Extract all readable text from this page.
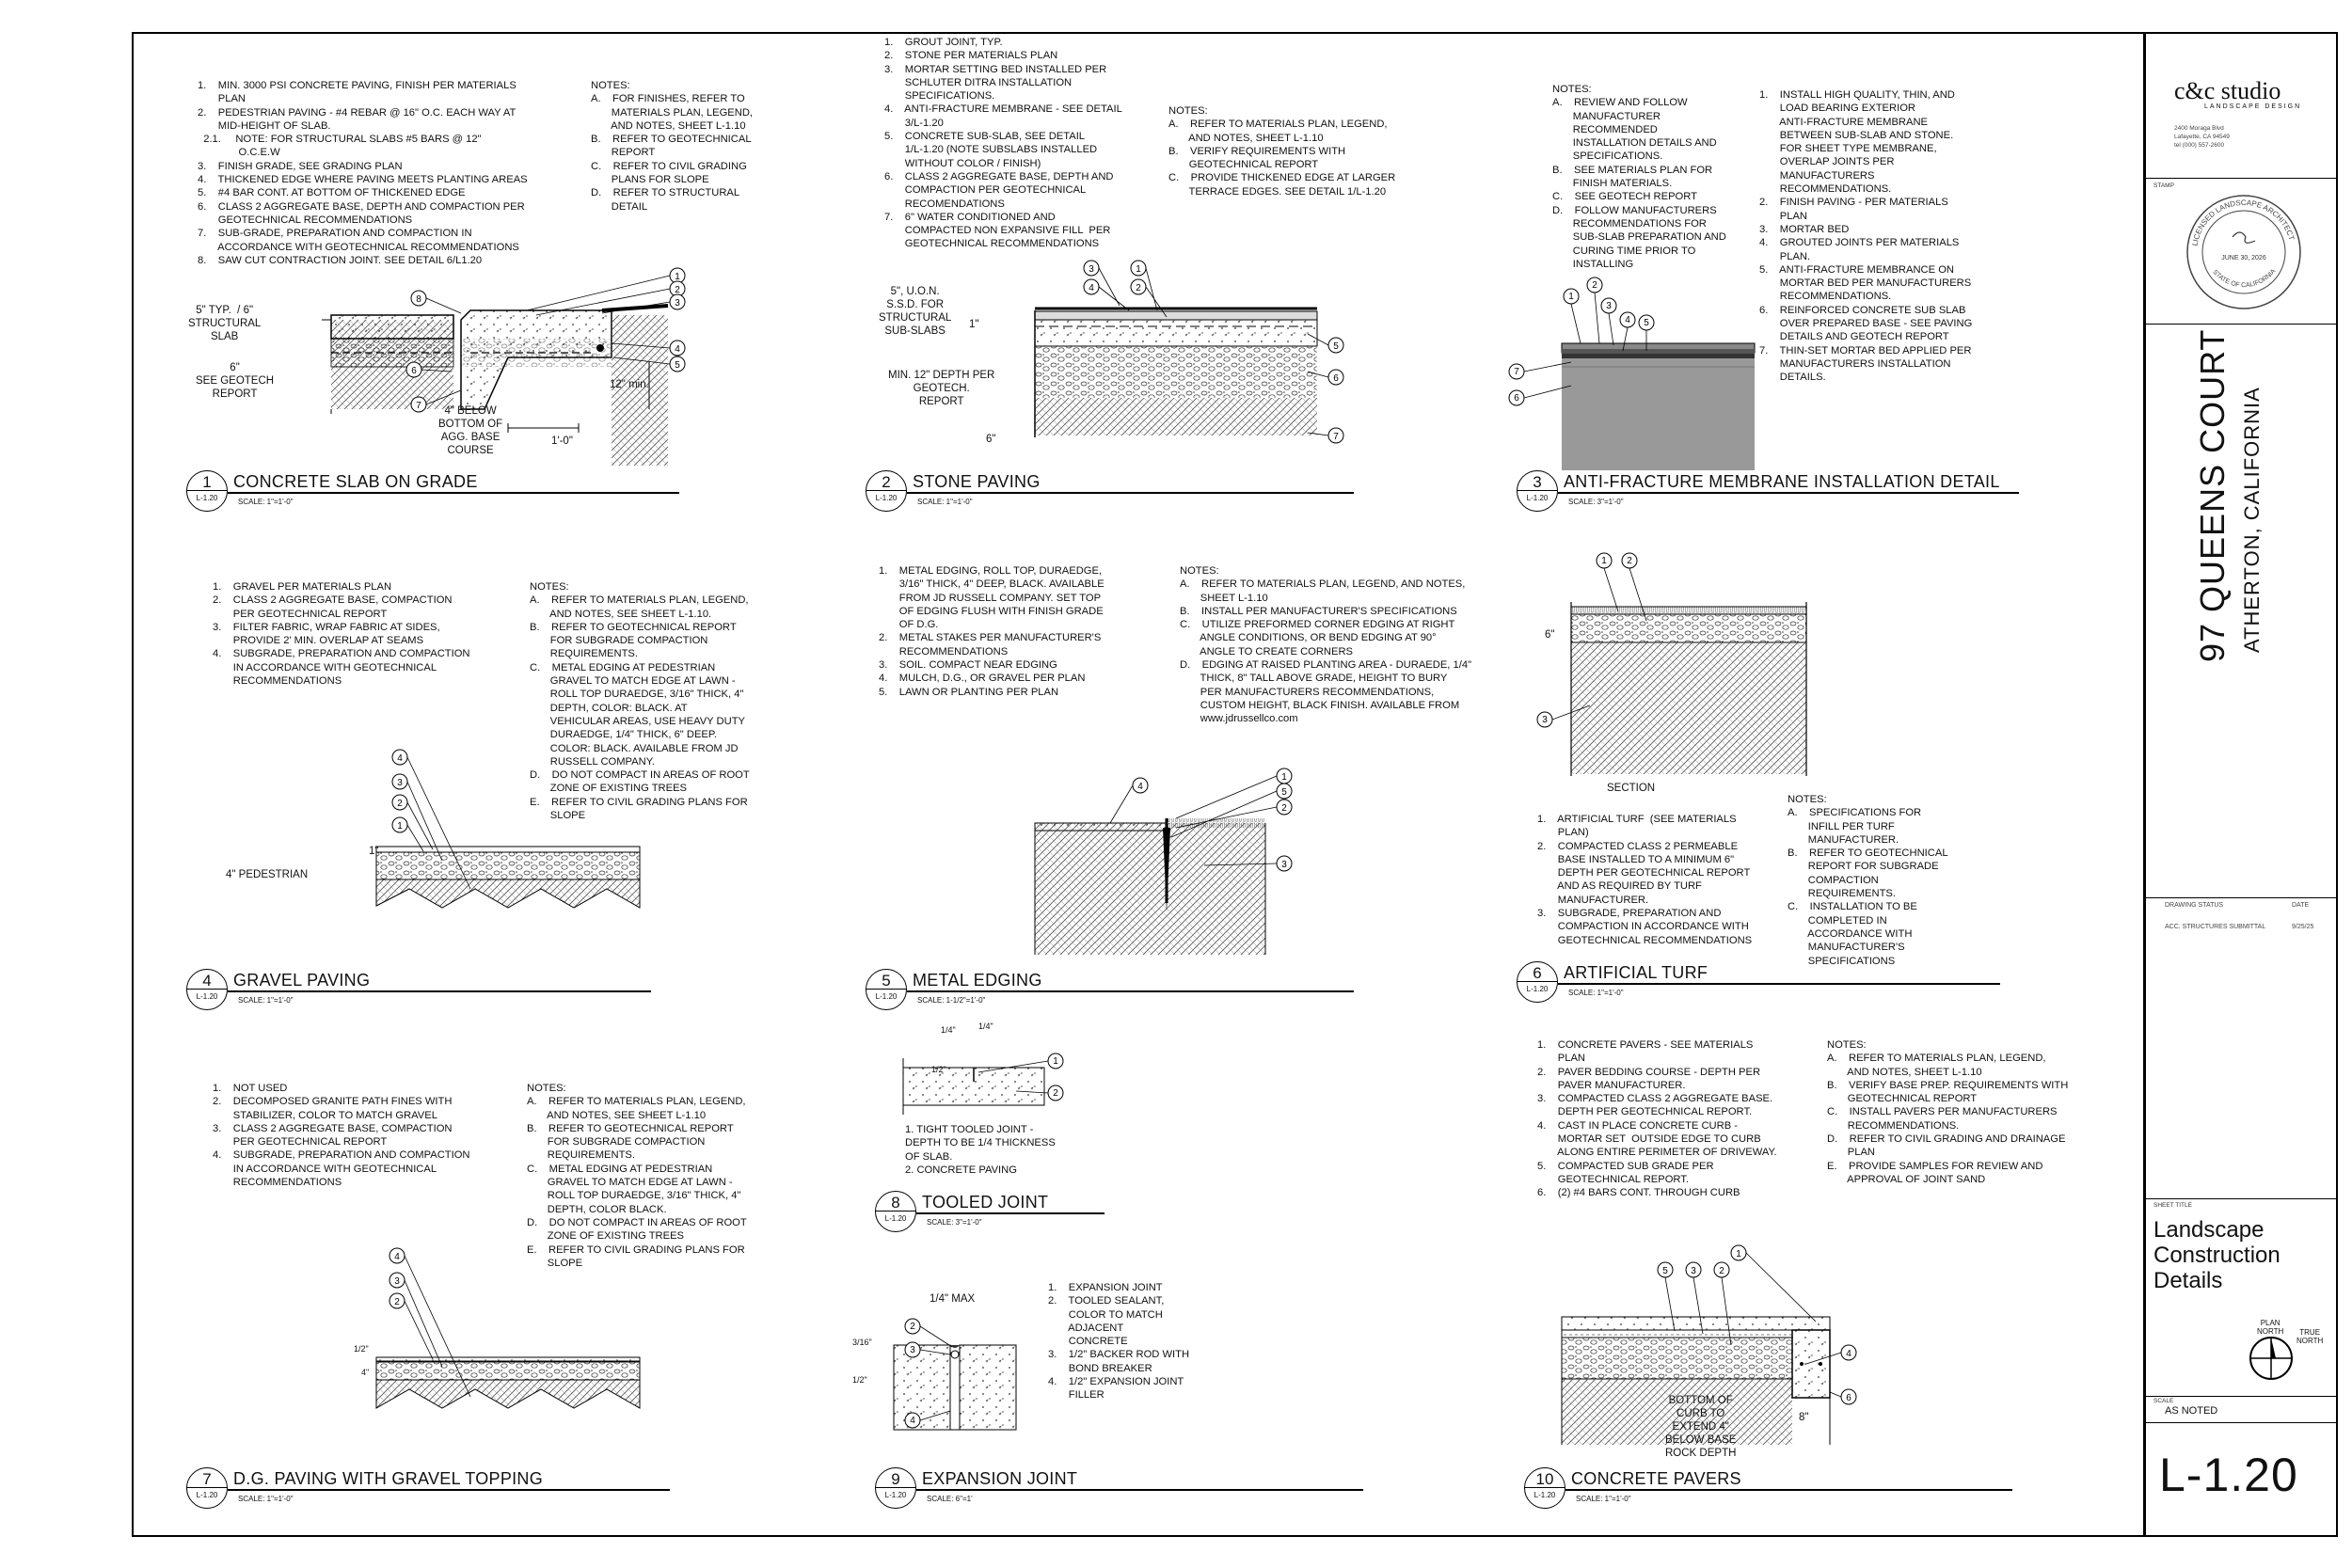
1.    MIN. 3000 PSI CONCRETE PAVING, FINISH PER MATERIALS
PLAN
2.    PEDESTRIAN PAVING - #4 REBAR @ 16" O.C. EACH WAY AT
MID-HEIGHT OF SLAB.
2.1.     NOTE: FOR STRUCTURAL SLABS #5 BARS @ 12"
O.C.E.W
3.    FINISH GRADE, SEE GRADING PLAN
4.    THICKENED EDGE WHERE PAVING MEETS PLANTING AREAS
5.    #4 BAR CONT. AT BOTTOM OF THICKENED EDGE
6.    CLASS 2 AGGREGATE BASE, DEPTH AND COMPACTION PER
GEOTECHNICAL RECOMMENDATIONS
7.    SUB-GRADE, PREPARATION AND COMPACTION IN
ACCORDANCE WITH GEOTECHNICAL RECOMMENDATIONS
8.    SAW CUT CONTRACTION JOINT. SEE DETAIL 6/L1.20
NOTES:
A.    FOR FINISHES, REFER TO
MATERIALS PLAN, LEGEND,
AND NOTES, SHEET L-1.10
B.    REFER TO GEOTECHNICAL
REPORT
C.    REFER TO CIVIL GRADING
PLANS FOR SLOPE
D.    REFER TO STRUCTURAL
DETAIL
1.    GROUT JOINT, TYP.
2.    STONE PER MATERIALS PLAN
3.    MORTAR SETTING BED INSTALLED PER
SCHLUTER DITRA INSTALLATION
SPECIFICATIONS.
4.    ANTI-FRACTURE MEMBRANE - SEE DETAIL
3/L-1.20
5.    CONCRETE SUB-SLAB, SEE DETAIL
1/L-1.20 (NOTE SUBSLABS INSTALLED
WITHOUT COLOR / FINISH)
6.    CLASS 2 AGGREGATE BASE, DEPTH AND
COMPACTION PER GEOTECHNICAL
RECOMENDATIONS
7.    6" WATER CONDITIONED AND
COMPACTED NON EXPANSIVE FILL  PER
GEOTECHNICAL RECOMMENDATIONS
NOTES:
A.    REFER TO MATERIALS PLAN, LEGEND,
AND NOTES, SHEET L-1.10
B.    VERIFY REQUIREMENTS WITH
GEOTECHNICAL REPORT
C.    PROVIDE THICKENED EDGE AT LARGER
TERRACE EDGES. SEE DETAIL 1/L-1.20
NOTES:
A.    REVIEW AND FOLLOW
MANUFACTURER
RECOMMENDED
INSTALLATION DETAILS AND
SPECIFICATIONS.
B.    SEE MATERIALS PLAN FOR
FINISH MATERIALS.
C.    SEE GEOTECH REPORT
D.    FOLLOW MANUFACTURERS
RECOMMENDATIONS FOR
SUB-SLAB PREPARATION AND
CURING TIME PRIOR TO
INSTALLING
1.    INSTALL HIGH QUALITY, THIN, AND
LOAD BEARING EXTERIOR
ANTI-FRACTURE MEMBRANE
BETWEEN SUB-SLAB AND STONE.
FOR SHEET TYPE MEMBRANE,
OVERLAP JOINTS PER
MANUFACTURERS
RECOMMENDATIONS.
2.    FINISH PAVING - PER MATERIALS
PLAN
3.    MORTAR BED
4.    GROUTED JOINTS PER MATERIALS
PLAN.
5.    ANTI-FRACTURE MEMBRANCE ON
MORTAR BED PER MANUFACTURERS
RECOMMENDATIONS.
6.    REINFORCED CONCRETE SUB SLAB
OVER PREPARED BASE - SEE PAVING
DETAILS AND GEOTECH REPORT
7.    THIN-SET MORTAR BED APPLIED PER
MANUFACTURERS INSTALLATION
DETAILS.
1.    GRAVEL PER MATERIALS PLAN
2.    CLASS 2 AGGREGATE BASE, COMPACTION
PER GEOTECHNICAL REPORT
3.    FILTER FABRIC, WRAP FABRIC AT SIDES,
PROVIDE 2' MIN. OVERLAP AT SEAMS
4.    SUBGRADE, PREPARATION AND COMPACTION
IN ACCORDANCE WITH GEOTECHNICAL
RECOMMENDATIONS
NOTES:
A.    REFER TO MATERIALS PLAN, LEGEND,
AND NOTES, SEE SHEET L-1.10.
B.    REFER TO GEOTECHNICAL REPORT
FOR SUBGRADE COMPACTION
REQUIREMENTS.
C.    METAL EDGING AT PEDESTRIAN
GRAVEL TO MATCH EDGE AT LAWN -
ROLL TOP DURAEDGE, 3/16" THICK, 4"
DEPTH, COLOR: BLACK. AT
VEHICULAR AREAS, USE HEAVY DUTY
DURAEDGE, 1/4" THICK, 6" DEEP.
COLOR: BLACK. AVAILABLE FROM JD
RUSSELL COMPANY.
D.    DO NOT COMPACT IN AREAS OF ROOT
ZONE OF EXISTING TREES
E.    REFER TO CIVIL GRADING PLANS FOR
SLOPE
1.    METAL EDGING, ROLL TOP, DURAEDGE,
3/16" THICK, 4" DEEP, BLACK. AVAILABLE
FROM JD RUSSELL COMPANY. SET TOP
OF EDGING FLUSH WITH FINISH GRADE
OF D.G.
2.    METAL STAKES PER MANUFACTURER'S
RECOMMENDATIONS
3.    SOIL. COMPACT NEAR EDGING
4.    MULCH, D.G., OR GRAVEL PER PLAN
5.    LAWN OR PLANTING PER PLAN
NOTES:
A.    REFER TO MATERIALS PLAN, LEGEND, AND NOTES,
SHEET L-1.10
B.    INSTALL PER MANUFACTURER'S SPECIFICATIONS
C.    UTILIZE PREFORMED CORNER EDGING AT RIGHT
ANGLE CONDITIONS, OR BEND EDGING AT 90°
ANGLE TO CREATE CORNERS
D.    EDGING AT RAISED PLANTING AREA - DURAEDE, 1/4"
THICK, 8" TALL ABOVE GRADE, HEIGHT TO BURY
PER MANUFACTURERS RECOMMENDATIONS,
CUSTOM HEIGHT, BLACK FINISH. AVAILABLE FROM
www.jdrussellco.com
1.    ARTIFICIAL TURF  (SEE MATERIALS
PLAN)
2.    COMPACTED CLASS 2 PERMEABLE
BASE INSTALLED TO A MINIMUM 6"
DEPTH PER GEOTECHNICAL REPORT
AND AS REQUIRED BY TURF
MANUFACTURER.
3.    SUBGRADE, PREPARATION AND
COMPACTION IN ACCORDANCE WITH
GEOTECHNICAL RECOMMENDATIONS
NOTES:
A.    SPECIFICATIONS FOR
INFILL PER TURF
MANUFACTURER.
B.    REFER TO GEOTECHNICAL
REPORT FOR SUBGRADE
COMPACTION
REQUIREMENTS.
C.    INSTALLATION TO BE
COMPLETED IN
ACCORDANCE WITH
MANUFACTURER'S
SPECIFICATIONS
1.    NOT USED
2.    DECOMPOSED GRANITE PATH FINES WITH
STABILIZER, COLOR TO MATCH GRAVEL
3.    CLASS 2 AGGREGATE BASE, COMPACTION
PER GEOTECHNICAL REPORT
4.    SUBGRADE, PREPARATION AND COMPACTION
IN ACCORDANCE WITH GEOTECHNICAL
RECOMMENDATIONS
NOTES:
A.    REFER TO MATERIALS PLAN, LEGEND,
AND NOTES, SEE SHEET L-1.10
B.    REFER TO GEOTECHNICAL REPORT
FOR SUBGRADE COMPACTION
REQUIREMENTS.
C.    METAL EDGING AT PEDESTRIAN
GRAVEL TO MATCH EDGE AT LAWN -
ROLL TOP DURAEDGE, 3/16" THICK, 4"
DEPTH, COLOR BLACK.
D.    DO NOT COMPACT IN AREAS OF ROOT
ZONE OF EXISTING TREES
E.    REFER TO CIVIL GRADING PLANS FOR
SLOPE
1. TIGHT TOOLED JOINT -
DEPTH TO BE 1/4 THICKNESS
OF SLAB.
2. CONCRETE PAVING
1.    EXPANSION JOINT
2.    TOOLED SEALANT,
COLOR TO MATCH
ADJACENT
CONCRETE
3.    1/2" BACKER ROD WITH
BOND BREAKER
4.    1/2" EXPANSION JOINT
FILLER
1.    CONCRETE PAVERS - SEE MATERIALS
PLAN
2.    PAVER BEDDING COURSE - DEPTH PER
PAVER MANUFACTURER.
3.    COMPACTED CLASS 2 AGGREGATE BASE.
DEPTH PER GEOTECHNICAL REPORT.
4.    CAST IN PLACE CONCRETE CURB -
MORTAR SET  OUTSIDE EDGE TO CURB
ALONG ENTIRE PERIMETER OF DRIVEWAY.
5.    COMPACTED SUB GRADE PER
GEOTECHNICAL REPORT.
6.    (2) #4 BARS CONT. THROUGH CURB
NOTES:
A.    REFER TO MATERIALS PLAN, LEGEND,
AND NOTES, SHEET L-1.10
B.    VERIFY BASE PREP. REQUIREMENTS WITH
GEOTECHNICAL REPORT
C.    INSTALL PAVERS PER MANUFACTURERS
RECOMMENDATIONS.
D.    REFER TO CIVIL GRADING AND DRAINAGE
PLAN
E.    PROVIDE SAMPLES FOR REVIEW AND
APPROVAL OF JOINT SAND
5" TYP.  / 6"
STRUCTURAL
SLAB
6"
SEE GEOTECH
REPORT
4" BELOW
BOTTOM OF
AGG. BASE
COURSE
12" min.
1'-0"
8
1
2
3
4
5
6
7
5", U.O.N.
S.S.D. FOR
STRUCTURAL
SUB-SLABS
1"
MIN. 12" DEPTH PER
GEOTECH.
REPORT
6"
3
4
1
2
5
6
7
1
2
3
4 5
7
6
4" PEDESTRIAN
1"
4
3
2
1
4
1
5
2
3
6"
SECTION
1 2
3
1/2"
4"
4
3
2
1/4"	1/4"
1/2"
1
2
1/4" MAX
3/16"
1/2"
2
3
4
BOTTOM OF
CURB TO
EXTEND 4"
BELOW BASE
ROCK DEPTH
8"
5 3 2
1
4
6
1
L-1.20
CONCRETE SLAB ON GRADE
SCALE: 1"=1'-0"
2
L-1.20
STONE PAVING
SCALE: 1"=1'-0"
3
L-1.20
ANTI-FRACTURE MEMBRANE INSTALLATION DETAIL
SCALE: 3"=1'-0"
4
L-1.20
GRAVEL PAVING
SCALE: 1"=1'-0"
5
L-1.20
METAL EDGING
SCALE: 1-1/2"=1'-0"
6
L-1.20
ARTIFICIAL TURF
SCALE: 1"=1'-0"
7
L-1.20
D.G. PAVING WITH GRAVEL TOPPING
SCALE: 1"=1'-0"
8
L-1.20
TOOLED JOINT
SCALE: 3"=1'-0"
9
L-1.20
EXPANSION JOINT
SCALE: 6"=1'
10
L-1.20
CONCRETE PAVERS
SCALE: 1"=1'-0"
c&c studio
LANDSCAPE DESIGN
2400 Moraga Blvd
Lafayette, CA 94549
tel (000) 557-2600
STAMP
LICENSED LANDSCAPE ARCHITECT
STATE OF CALIFORNIA
JUNE 30, 2026
97 QUEENS COURT ATHERTON, CALIFORNIA
DRAWING STATUS	DATE
ACC. STRUCTURES SUBMITTAL	9/25/25
SHEET TITLE
Landscape Construction Details
PLAN
NORTH	TRUE
NORTH
SCALE
AS NOTED
L-1.20
